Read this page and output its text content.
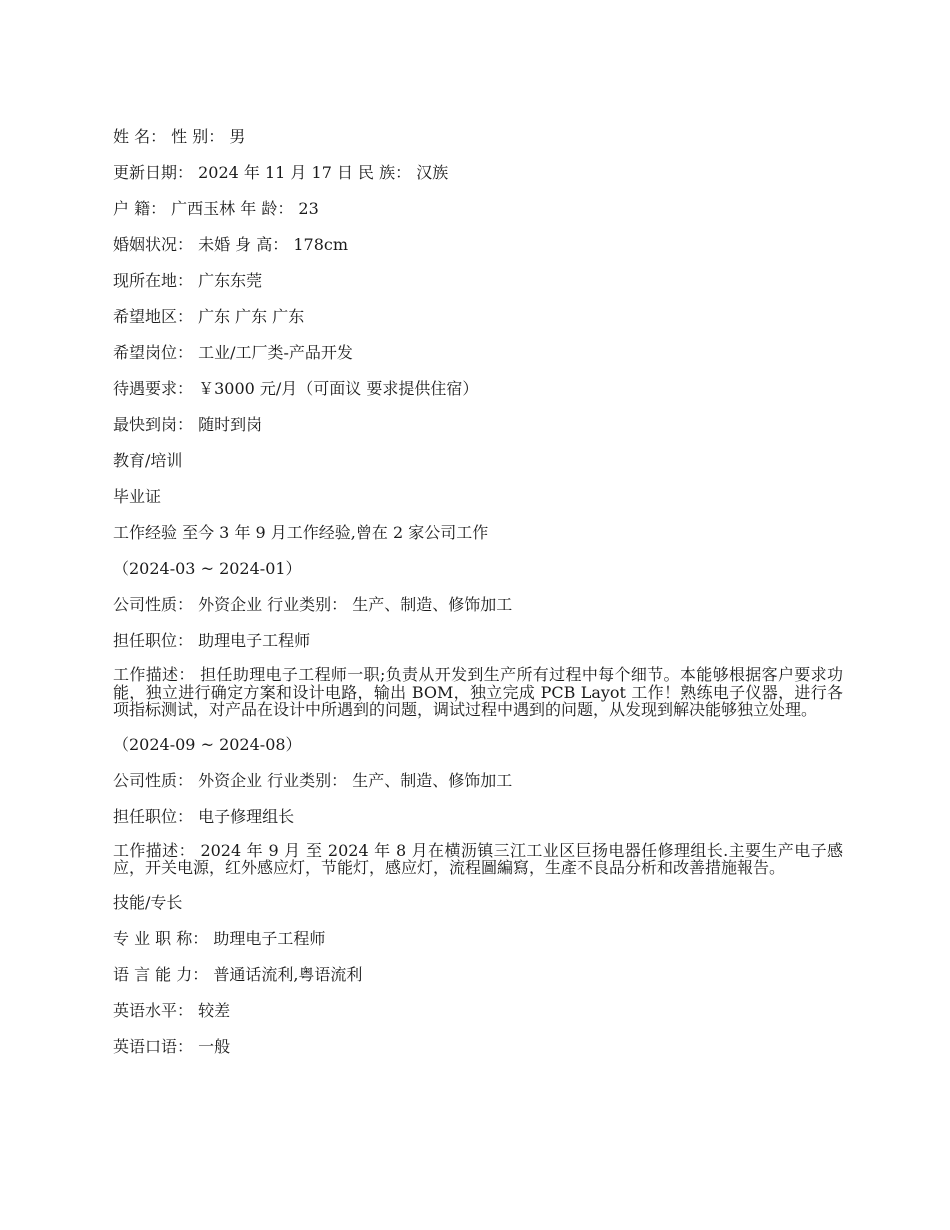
姓 名： 性 别： 男
更新日期： 2024 年 11 月 17 日 民 族： 汉族
户 籍： 广西玉林 年 龄： 23
婚姻状况： 未婚 身 高： 178cm
现所在地： 广东东莞
希望地区： 广东 广东 广东
希望岗位： 工业/工厂类-产品开发
待遇要求： ￥3000 元/月（可面议 要求提供住宿）
最快到岗： 随时到岗
教育/培训
毕业证
工作经验 至今 3 年 9 月工作经验,曾在 2 家公司工作
（2024-03 ~ 2024-01）
公司性质： 外资企业 行业类别： 生产、制造、修饰加工
担任职位： 助理电子工程师
工作描述： 担任助理电子工程师一职;负责从开发到生产所有过程中每个细节。本能够根据客户要求功能，独立进行确定方案和设计电路，输出 BOM，独立完成 PCB Layot 工作！熟练电子仪器，进行各项指标测试，对产品在设计中所遇到的问题，调试过程中遇到的问题，从发现到解决能够独立处理。
（2024-09 ~ 2024-08）
公司性质： 外资企业 行业类别： 生产、制造、修饰加工
担任职位： 电子修理组长
工作描述： 2024 年 9 月 至 2024 年 8 月在横沥镇三江工业区巨扬电器任修理组长.主要生产电子感应，开关电源，红外感应灯，节能灯，感应灯，流程圖編寫，生產不良品分析和改善措施報告。
技能/专长
专 业 职 称： 助理电子工程师
语 言 能 力： 普通话流利,粤语流利
英语水平： 较差
英语口语： 一般
